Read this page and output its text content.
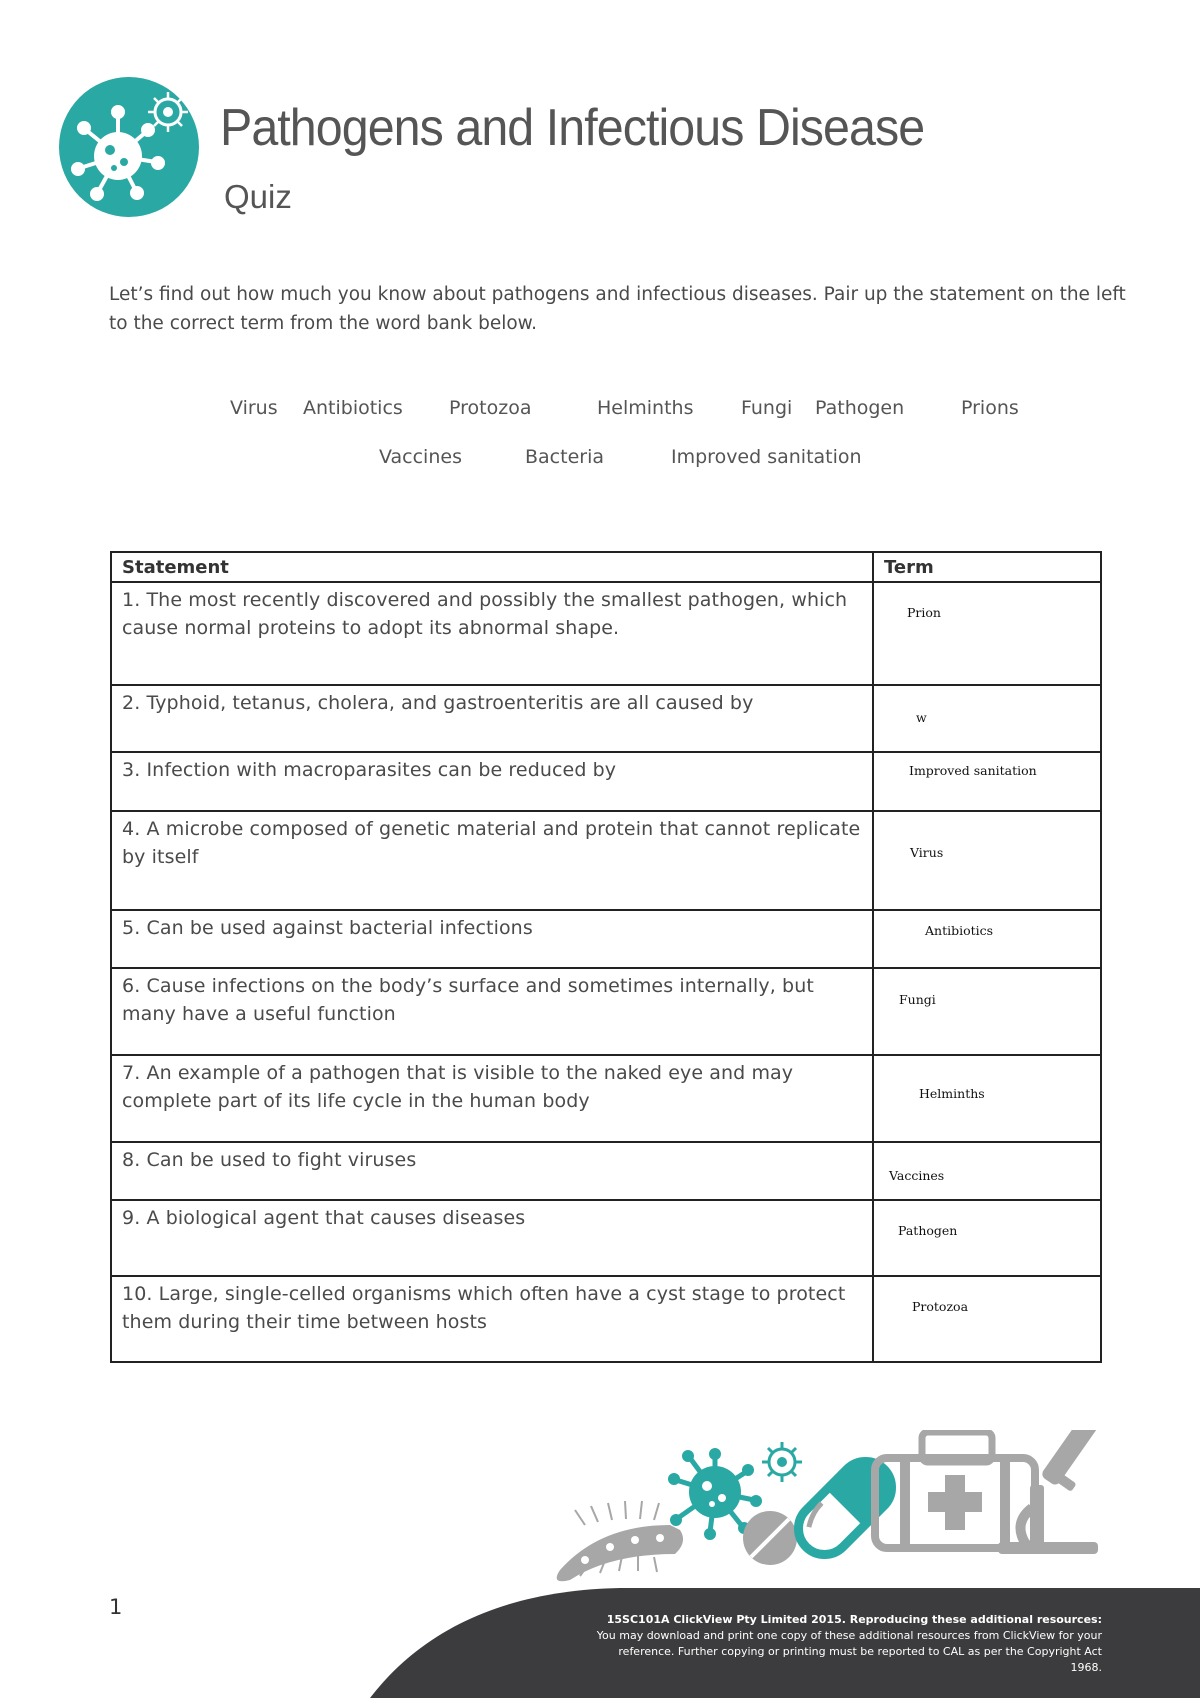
Pathogens and Infectious Disease
Quiz

Let’s find out how much you know about pathogens and infectious diseases. Pair up the statement on the left to the correct term from the word bank below.

Virus Antibiotics Protozoa	Helminths	Fungi Pathogen	Prions
Vaccines	Bacteria	Improved sanitation
Statement	Term
1. The most recently discovered and possibly the smallest pathogen, which cause normal proteins to adopt its abnormal shape.	Prion

2. Typhoid, tetanus, cholera, and gastroenteritis are all caused by	w

3. Infection with macroparasites can be reduced by	Improved sanitation

4. A microbe composed of genetic material and protein that cannot replicate by itself	Virus

5. Can be used against bacterial infections	Antibiotics

6. Cause infections on the body’s surface and sometimes internally, but many have a useful function	Fungi

7. An example of a pathogen that is visible to the naked eye and may complete part of its life cycle in the human body	Helminths

8. Can be used to fight viruses	Vaccines

9. A biological agent that causes diseases	Pathogen

10. Large, single-celled organisms which often have a cyst stage to protect them during their time between hosts	Protozoa
1
15SC101A ClickView Pty Limited 2015. Reproducing these additional resources:
You may download and print one copy of these additional resources from ClickView for your
reference. Further copying or printing must be reported to CAL as per the Copyright Act
1968.
